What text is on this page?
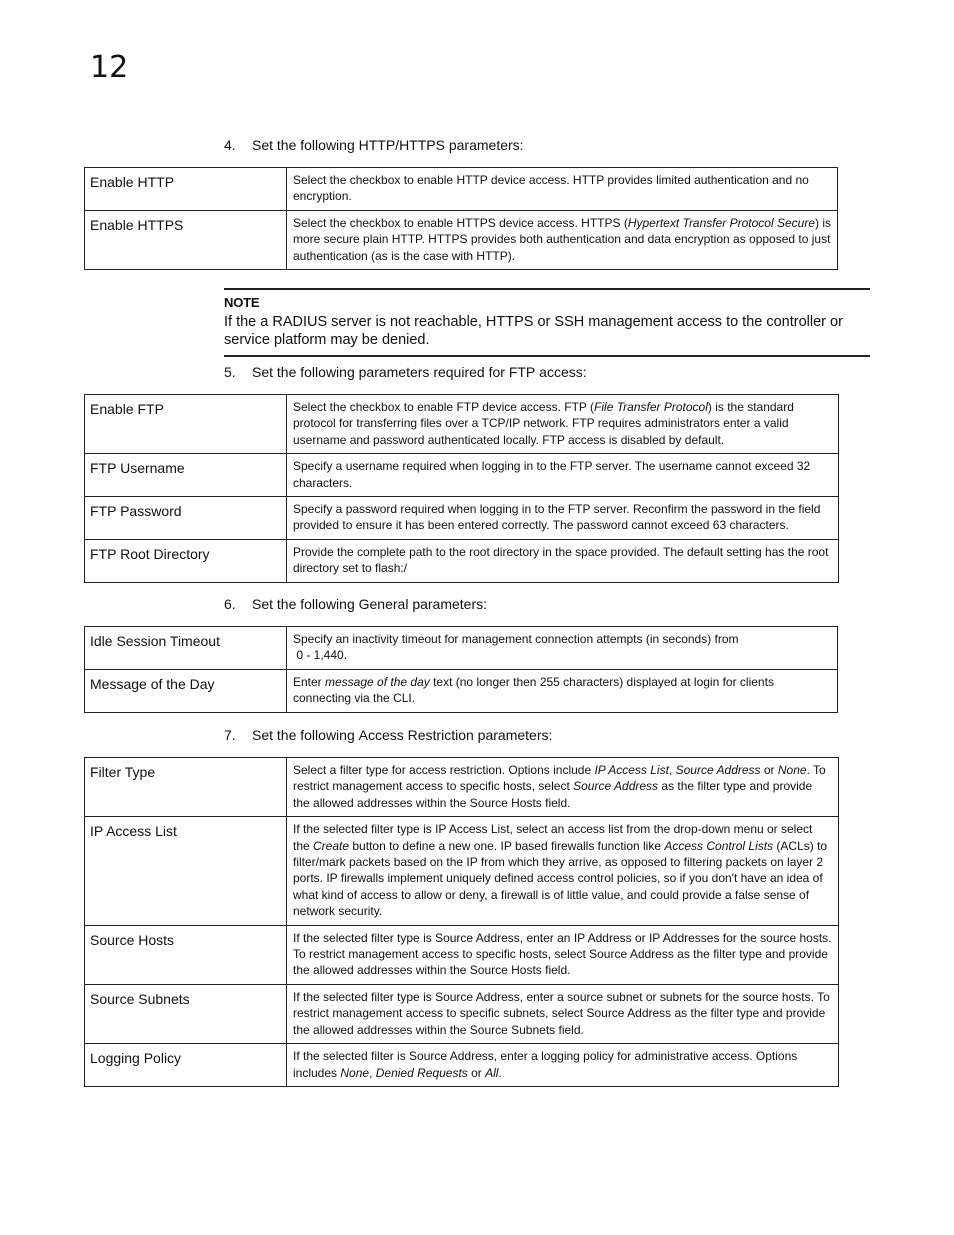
12
4. Set the following HTTP/HTTPS parameters:
Enable HTTP	Select the checkbox to enable HTTP device access. HTTP provides limited authentication and no encryption.
Enable HTTPS	Select the checkbox to enable HTTPS device access. HTTPS (Hypertext Transfer Protocol Secure) is more secure plain HTTP. HTTPS provides both authentication and data encryption as opposed to just authentication (as is the case with HTTP).
NOTE
If the a RADIUS server is not reachable, HTTPS or SSH management access to the controller or service platform may be denied.
5. Set the following parameters required for FTP access:
Enable FTP	Select the checkbox to enable FTP device access. FTP (File Transfer Protocol) is the standard protocol for transferring files over a TCP/IP network. FTP requires administrators enter a valid username and password authenticated locally. FTP access is disabled by default.
FTP Username	Specify a username required when logging in to the FTP server. The username cannot exceed 32 characters.
FTP Password	Specify a password required when logging in to the FTP server. Reconfirm the password in the field provided to ensure it has been entered correctly. The password cannot exceed 63 characters.
FTP Root Directory	Provide the complete path to the root directory in the space provided. The default setting has the root directory set to flash:/
6. Set the following General parameters:
Idle Session Timeout	Specify an inactivity timeout for management connection attempts (in seconds) from
0 - 1,440.
Message of the Day	Enter message of the day text (no longer then 255 characters) displayed at login for clients connecting via the CLI.
7. Set the following Access Restriction parameters:
Filter Type	Select a filter type for access restriction. Options include IP Access List, Source Address or None. To restrict management access to specific hosts, select Source Address as the filter type and provide the allowed addresses within the Source Hosts field.
IP Access List	If the selected filter type is IP Access List, select an access list from the drop-down menu or select the Create button to define a new one. IP based firewalls function like Access Control Lists (ACLs) to filter/mark packets based on the IP from which they arrive, as opposed to filtering packets on layer 2 ports. IP firewalls implement uniquely defined access control policies, so if you don't have an idea of what kind of access to allow or deny, a firewall is of little value, and could provide a false sense of network security.
Source Hosts	If the selected filter type is Source Address, enter an IP Address or IP Addresses for the source hosts. To restrict management access to specific hosts, select Source Address as the filter type and provide the allowed addresses within the Source Hosts field.
Source Subnets	If the selected filter type is Source Address, enter a source subnet or subnets for the source hosts. To restrict management access to specific subnets, select Source Address as the filter type and provide the allowed addresses within the Source Subnets field.
Logging Policy	If the selected filter is Source Address, enter a logging policy for administrative access. Options includes None, Denied Requests or All.
